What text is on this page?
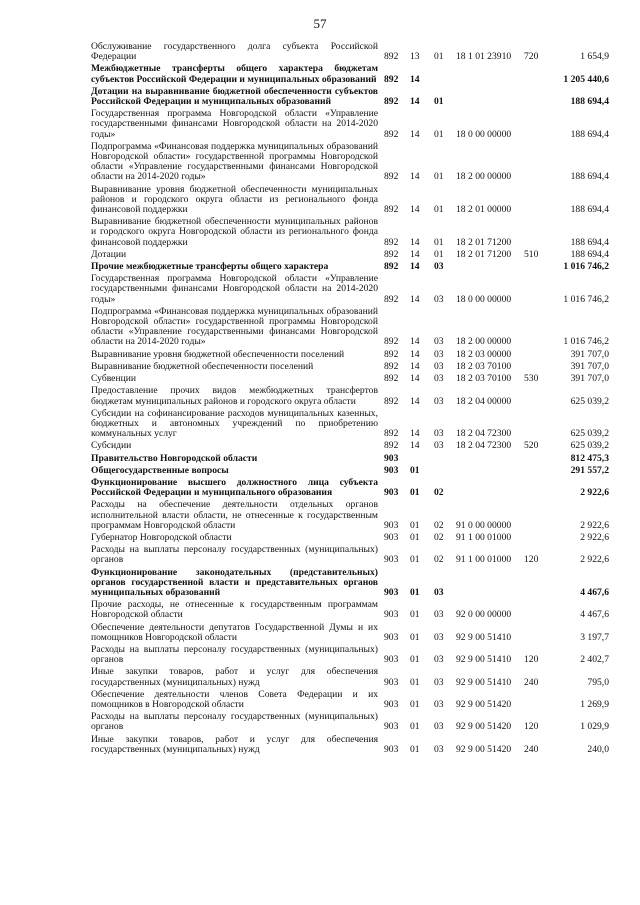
57
Обслуживание государственного долга субъекта Российской Федерации	892 13 01 18 1 01 23910 720	1 654,9
Межбюджетные трансферты общего характера бюджетам субъектов Российской Федерации и муниципальных образований 892 14	1 205 440,6
Дотации на выравнивание бюджетной обеспеченности субъектов Российской Федерации и муниципальных образований	892 14 01	188 694,4
Государственная программа Новгородской области «Управление государственными финансами Новгородской области на 2014-2020 годы»	892 14 01 18 0 00 00000	188 694,4
Подпрограмма «Финансовая поддержка муниципальных образований Новгородской области» государственной программы Новгородской области «Управление государственными финансами Новгородской области на 2014-2020 годы»	892 14 01 18 2 00 00000	188 694,4
Выравнивание уровня бюджетной обеспеченности муниципальных районов и городского округа области из регионального фонда финансовой поддержки	892 14 01 18 2 01 00000	188 694,4
Выравнивание бюджетной обеспеченности муниципальных районов и городского округа Новгородской области из регионального фонда финансовой поддержки	892 14 01 18 2 01 71200	188 694,4
Дотации	892 14 01 18 2 01 71200 510	188 694,4
Прочие межбюджетные трансферты общего характера	892 14 03	1 016 746,2
Государственная программа Новгородской области «Управление государственными финансами Новгородской области на 2014-2020 годы»	892 14 03 18 0 00 00000	1 016 746,2
Подпрограмма «Финансовая поддержка муниципальных образований Новгородской области» государственной программы Новгородской области «Управление государственными финансами Новгородской области на 2014-2020 годы»	892 14 03 18 2 00 00000	1 016 746,2
Выравнивание уровня бюджетной обеспеченности поселений	892 14 03 18 2 03 00000	391 707,0
Выравнивание бюджетной обеспеченности поселений	892 14 03 18 2 03 70100	391 707,0
Субвенции	892 14 03 18 2 03 70100 530	391 707,0
Предоставление прочих видов межбюджетных трансфертов бюджетам муниципальных районов и городского округа области	892 14 03 18 2 04 00000	625 039,2
Субсидии на софинансирование расходов муниципальных казенных, бюджетных и автономных учреждений по приобретению коммунальных услуг	892 14 03 18 2 04 72300	625 039,2
Субсидии	892 14 03 18 2 04 72300 520	625 039,2
Правительство Новгородской области	903	812 475,3
Общегосударственные вопросы	903 01	291 557,2
Функционирование высшего должностного лица субъекта Российской Федерации и муниципального образования	903 01 02	2 922,6
Расходы на обеспечение деятельности отдельных органов исполнительной власти области, не отнесенные к государственным программам Новгородской области	903 01 02 91 0 00 00000	2 922,6
Губернатор Новгородской области	903 01 02 91 1 00 01000	2 922,6
Расходы на выплаты персоналу государственных (муниципальных) органов	903 01 02 91 1 00 01000 120	2 922,6
Функционирование законодательных (представительных) органов государственной власти и представительных органов муниципальных образований	903 01 03	4 467,6
Прочие расходы, не отнесенные к государственным программам Новгородской области	903 01 03 92 0 00 00000	4 467,6
Обеспечение деятельности депутатов Государственной Думы и их помощников Новгородской области	903 01 03 92 9 00 51410	3 197,7
Расходы на выплаты персоналу государственных (муниципальных) органов	903 01 03 92 9 00 51410 120	2 402,7
Иные закупки товаров, работ и услуг для обеспечения государственных (муниципальных) нужд	903 01 03 92 9 00 51410 240	795,0
Обеспечение деятельности членов Совета Федерации и их помощников в Новгородской области	903 01 03 92 9 00 51420	1 269,9
Расходы на выплаты персоналу государственных (муниципальных) органов	903 01 03 92 9 00 51420 120	1 029,9
Иные закупки товаров, работ и услуг для обеспечения государственных (муниципальных) нужд	903 01 03 92 9 00 51420 240	240,0
